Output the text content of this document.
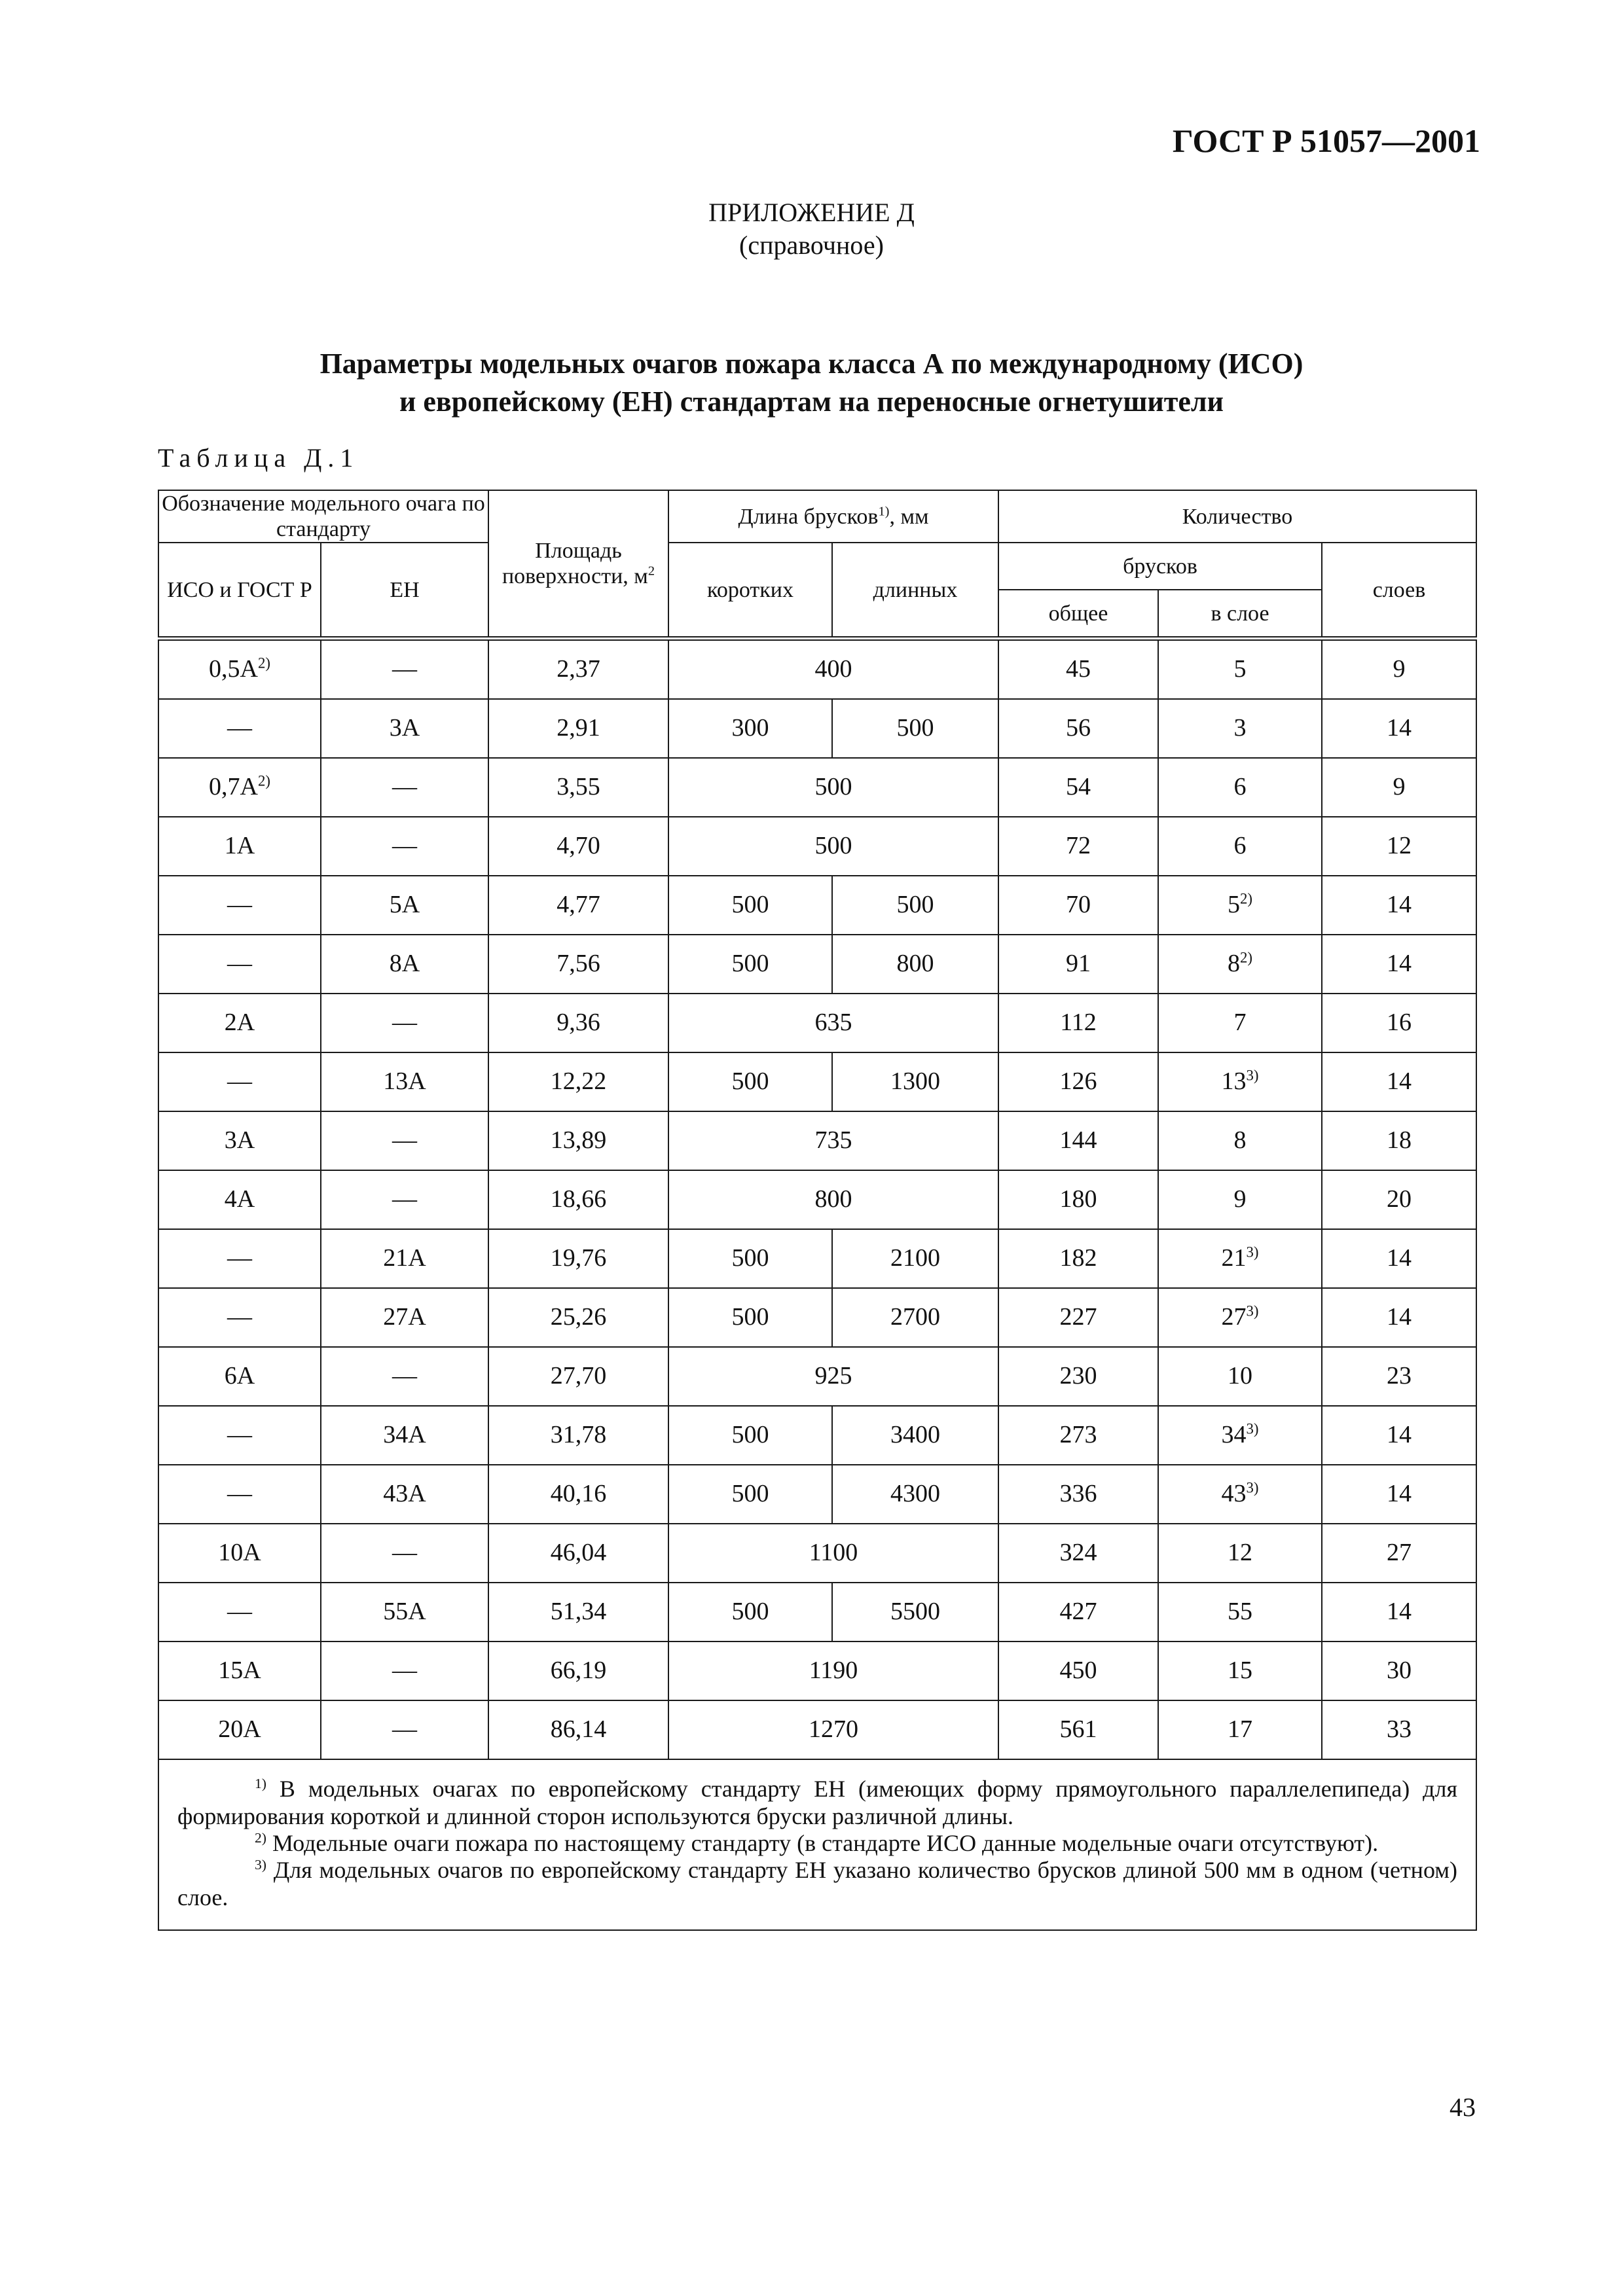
ГОСТ Р 51057—2001
ПРИЛОЖЕНИЕ Д
(справочное)
Параметры модельных очагов пожара класса А по международному (ИСО)
и европейскому (ЕН) стандартам на переносные огнетушители
Таблица Д.1
Обозначение модельного очага по стандарту		Площадь поверхности, $м^2$	Длина брусков$^{1)}$, мм		Количество		
ИСО и ГОСТ Р	ЕН		коротких	длинных	брусков		слоев
					общее	в слое	
$0,5А^{2)}$	—	2,37	400		45	5	9
—	3А	2,91	300	500	56	3	14
$0,7А^{2)}$	—	3,55	500		54	6	9
1А	—	4,70	500		72	6	12
—	5А	4,77	500	500	70	5$^{2)}$	14
—	8А	7,56	500	800	91	8$^{2)}$	14
2А	—	9,36	635		112	7	16
—	13А	12,22	500	1300	126	13$^{3)}$	14
3А	—	13,89	735		144	8	18
4А	—	18,66	800		180	9	20
—	21А	19,76	500	2100	182	21$^{3)}$	14
—	27А	25,26	500	2700	227	27$^{3)}$	14
6А	—	27,70	925		230	10	23
—	34А	31,78	500	3400	273	34$^{3)}$	14
—	43А	40,16	500	4300	336	43$^{3)}$	14
10А	—	46,04	1100		324	12	27
—	55А	51,34	500	5500	427	55	14
15А	—	66,19	1190		450	15	30
20А	—	86,14	1270		561	17	33

$^{1)}$ В модельных очагах по европейскому стандарту ЕН (имеющих форму прямоугольного параллелепипеда) для формирования короткой и длинной сторон используются бруски различной длины.

$^{2)}$ Модельные очаги пожара по настоящему стандарту (в стандарте ИСО данные модельные очаги отсутствуют).

$^{3)}$ Для модельных очагов по европейскому стандарту ЕН указано количество брусков длиной 500 мм в одном (четном) слое.							

43
